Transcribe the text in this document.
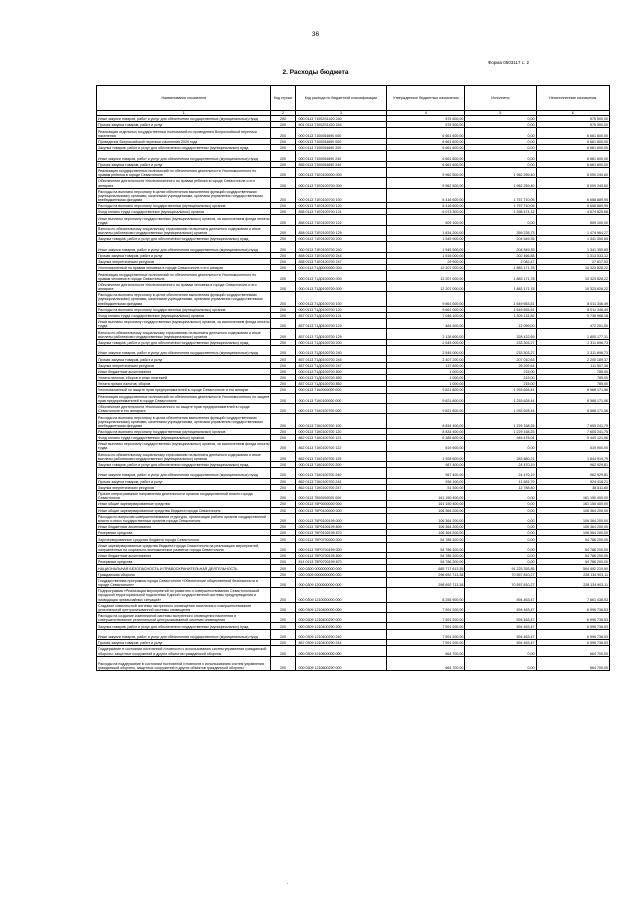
36
Форма 0503117 с. 2
2. Расходы бюджета
Наименование показателя	Код строки	Код расхода по бюджетной классификации	Утвержденные бюджетные назначения	Исполнено	Неисполненные назначения
1	2	3	4	5	6
Иные закупки товаров, работ и услуг для обеспечения государственных (муниципальных) нужд	200	000 0113 71002S1420 240	575 500,00	0,00	575 500,00
Прочая закупка товаров, работ и услуг	200	801 0113 71002S1420 244	575 500,00	0,00	575 500,00
Реализация отдельных государственных полномочий по проведению Всероссийской переписи населения	200	000 0113 7100054690 000	6 661 600,00	0,00	6 661 600,00
Проведение Всероссийской переписи населения 2020 года	200	000 0113 7100054690 000	6 661 600,00	0,00	6 661 600,00
Закупка товаров, работ и услуг для обеспечения государственных (муниципальных) нужд	200	000 0113 7100054690 200	6 661 600,00	0,00	6 661 600,00
Иные закупки товаров, работ и услуг для обеспечения государственных (муниципальных) нужд	200	000 0113 7100054690 240	6 661 600,00	0,00	6 661 600,00
Прочая закупка товаров, работ и услуг	200	865 0113 7100054690 244	6 661 600,00	0,00	6 661 600,00
Реализация государственных полномочий по обеспечению деятельности Уполномоченного по правам ребенка в городе Севастополе	200	000 0113 71E0100000 000	9 962 500,00	1 962 259,40	8 000 240,60
Обеспечение деятельности Уполномоченного по правам ребенка в городе Севастополе и его аппарата	200	000 0113 71E0100700 000	9 962 500,00	1 962 259,40	8 000 240,60
Расходы на выплаты персоналу в целях обеспечения выполнения функций государственными (муниципальными) органами, казенными учреждениями, органами управления государственными внебюджетными фондами	200	000 0113 71E0100700 100	8 416 600,00	1 757 710,05	6 658 889,95
Расходы на выплаты персоналу государственных (муниципальных) органов	200	000 0113 71E0100700 120	8 416 600,00	1 757 710,05	6 658 889,95
Фонд оплаты труда государственных (муниципальных) органов	200	858 0113 71E0100700 121	6 073 300,00	1 398 474,32	4 674 825,68
Иные выплаты персоналу государственных (муниципальных) органов, за исключением фонда оплаты труда	200	858 0113 71E0100700 122	509 100,00	0,00	509 100,00
Взносы по обязательному социальному страхованию на выплаты денежного содержания и иные выплаты работникам государственных (муниципальных) органов	200	858 0113 71E0100700 129	1 834 200,00	359 235,73	1 474 964,27
Закупка товаров, работ и услуг для обеспечения государственных (муниципальных) нужд	200	000 0113 71E0100700 200	1 545 900,00	204 549,35	1 341 350,65
Иные закупки товаров, работ и услуг для обеспечения государственных (муниципальных) нужд	200	000 0113 71E0100700 240	1 545 900,00	204 549,35	1 341 350,65
Прочая закупка товаров, работ и услуг	200	858 0113 71E0100700 244	1 516 000,00	202 466,88	1 313 533,12
Закупка энергетических ресурсов	200	858 0113 71E0100700 247	29 900,00	2 082,47	27 817,53
Уполномоченный по правам человека в городе Севастополе и его аппарат	200	000 0113 71Д0000000 000	12 207 000,00	1 883 171,78	10 323 828,22
Реализация государственных полномочий по обеспечению деятельности Уполномоченного по правам человека в городе Севастополе	200	000 0113 71Д0100000 000	12 207 000,00	1 883 171,78	10 323 828,22
Обеспечение деятельности Уполномоченного по правам человека в городе Севастополе и его аппарата	200	000 0113 71Д0100700 000	12 207 000,00	1 883 171,78	10 323 828,22
Расходы на выплаты персоналу в целях обеспечения выполнения функций государственными (муниципальными) органами, казенными учреждениями, органами управления государственными внебюджетными фондами	200	000 0113 71Д0100700 100	9 661 000,00	1 649 653,51	8 011 346,49
Расходы на выплаты персоналу государственных (муниципальных) органов	200	000 0113 71Д0100700 120	9 661 000,00	1 649 653,51	8 011 346,49
Фонд оплаты труда государственных (муниципальных) органов	200	857 0113 71Д0100700 121	7 048 100,00	1 309 131,82	5 738 968,18
Иные выплаты персоналу государственных (муниципальных) органов, за исключением фонда оплаты труда	200	857 0113 71Д0100700 122	484 300,00	12 099,00	472 201,00
Взносы по обязательному социальному страхованию на выплаты денежного содержания и иные выплаты работникам государственных (муниципальных) органов	200	857 0113 71Д0100700 129	2 128 600,00	328 422,69	1 800 177,31
Закупка товаров, работ и услуг для обеспечения государственных (муниципальных) нужд	200	000 0113 71Д0100700 200	2 545 000,00	233 303,27	2 311 696,73
Иные закупки товаров, работ и услуг для обеспечения государственных (муниципальных) нужд	200	000 0113 71Д0100700 240	2 545 000,00	233 303,27	2 311 696,73
Прочая закупка товаров, работ и услуг	200	857 0113 71Д0100700 244	2 407 200,00	207 010,63	2 200 189,37
Закупка энергетических ресурсов	200	857 0113 71Д0100700 247	137 800,00	26 292,64	111 507,36
Иные бюджетные ассигнования	200	000 0113 71Д0100700 800	1 000,00	215,00	785,00
Уплата налогов, сборов и иных платежей	200	000 0113 71Д0100700 850	1 000,00	215,00	785,00
Уплата прочих налогов, сборов	200	857 0113 71Д0100700 852	1 000,00	215,00	785,00
Уполномоченный по защите прав предпринимателей в городе Севастополе и его аппарат	200	000 0113 71К0000000 000	9 821 800,00	1 253 628,44	8 568 171,56
Реализация государственных полномочий по обеспечению деятельности Уполномоченного по защите прав предпринимателей в городе Севастополе	200	000 0113 71К0100000 000	9 821 800,00	1 253 628,44	8 568 171,56
Обеспечение деятельности Уполномоченного по защите прав предпринимателей в городе Севастополе и его аппарата	200	000 0113 71К0100700 000	9 821 800,00	1 253 628,44	8 568 171,56
Расходы на выплаты персоналу в целях обеспечения выполнения функций государственными (муниципальными) органами, казенными учреждениями, органами управления государственными внебюджетными фондами	200	000 0113 71К0100700 100	8 834 400,00	1 229 158,25	7 605 241,75
Расходы на выплаты персоналу государственных (муниципальных) органов	200	000 0113 71К0100700 120	8 834 400,00	1 229 158,25	7 605 241,75
Фонд оплаты труда государственных (муниципальных) органов	200	862 0113 71К0100700 121	6 385 600,00	945 478,04	5 440 121,96
Иные выплаты персоналу государственных (муниципальных) органов, за исключением фонда оплаты труда	200	862 0113 71К0100700 122	519 900,00	0,00	519 900,00
Взносы по обязательному социальному страхованию на выплаты денежного содержания и иные выплаты работникам государственных (муниципальных) органов	200	862 0113 71К0100700 129	1 928 600,00	283 680,21	1 644 919,79
Закупка товаров, работ и услуг для обеспечения государственных (муниципальных) нужд	200	000 0113 71К0100700 200	987 400,00	24 470,19	962 929,81
Иные закупки товаров, работ и услуг для обеспечения государственных (муниципальных) нужд	200	000 0113 71К0100700 240	987 400,00	24 470,19	962 929,81
Прочая закупка товаров, работ и услуг	200	862 0113 71К0100700 244	936 100,00	11 681,79	924 418,21
Закупка энергетических ресурсов	200	862 0113 71К0100700 247	51 300,00	12 788,40	38 511,60
Прочие непрограммные направления деятельности органов государственной власти города Севастополя	200	000 0113 7500000000 000	161 150 400,00	0,00	161 150 400,00
Иные общие зарезервированные средства	200	000 0113 75Р0000000 000	161 150 400,00	0,00	161 150 400,00
Иные общие зарезервированные средства бюджета города Севастополя	200	000 0113 75Р0100000 000	106 364 200,00	0,00	106 364 200,00
Расходы по вопросам совершенствования структуры, организации работы органов государственной власти и иных государственных органов города Севастополя	200	000 0113 75Р0100199 000	106 364 200,00	0,00	106 364 200,00
Иные бюджетные ассигнования	200	000 0113 75Р0100199 800	106 364 200,00	0,00	106 364 200,00
Резервные средства	200	000 0113 75Р0100199 870	106 364 200,00	0,00	106 364 200,00
Зарезервированные средства бюджета города Севастополя	200	000 0113 75Р0700000 000	54 786 200,00	0,00	54 786 200,00
Иные зарезервированные средства бюджета города Севастополя на реализацию мероприятий, направленных на социально-экономическое развитие города Севастополя	200	000 0113 75Р0700199 000	54 786 200,00	0,00	54 786 200,00
Иные бюджетные ассигнования	200	000 0113 75Р0700199 800	54 786 200,00	0,00	54 786 200,00
Резервные средства	200	814 0113 75Р0700199 870	54 786 200,00	0,00	54 786 200,00
НАЦИОНАЛЬНАЯ БЕЗОПАСНОСТЬ И ПРАВООХРАНИТЕЛЬНАЯ ДЕЯТЕЛЬНОСТЬ	200	000 0300 0000000000 000	685 717 613,35	91 225 393,85	594 492 219,50
Гражданская оборона	200	000 0309 0000000000 000	298 692 713,38	70 557 810,27	228 134 903,11
Государственная программа города Севастополя «Обеспечение общественной безопасности в городе Севастополе»	200	000 0309 1200000000 000	298 692 713,38	70 557 810,27	228 134 903,11
Подпрограмма «Реализация мероприятий по развитию и совершенствованию Севастопольской городской территориальной подсистемы Единой государственной системы предупреждения и ликвидации чрезвычайных ситуаций»	200	000 0309 1210000000 000	8 255 900,00	594 463,47	7 661 436,53
Создание комплексной системы экстренного оповещения населения и совершенствование региональной централизованной системы оповещения	200	000 0309 1210400000 000	7 591 200,00	594 463,47	6 996 736,53
Расходы на создание комплексной системы экстренного оповещения населения и совершенствование региональной централизованной системы оповещения	200	000 0309 1210400290 000	7 591 200,00	594 463,47	6 996 736,53
Закупка товаров, работ и услуг для обеспечения государственных (муниципальных) нужд	200	000 0309 1210400290 200	7 591 200,00	594 463,47	6 996 736,53
Иные закупки товаров, работ и услуг для обеспечения государственных (муниципальных) нужд	200	000 0309 1210400290 240	7 591 200,00	594 463,47	6 996 736,53
Прочая закупка товаров, работ и услуг	200	867 0309 1210400290 244	7 591 200,00	594 463,47	6 996 736,53
Поддержание в состоянии постоянной готовности к использованию систем управления гражданской обороны, защитных сооружений и других объектов гражданской обороны	200	000 0309 1210600000 000	664 700,00	0,00	664 700,00
Расходы на поддержание в состоянии постоянной готовности к использованию систем управления гражданской обороны, защитных сооружений и других объектов гражданской обороны	200	000 0309 1210600290 000	664 700,00	0,00	664 700,00
.
